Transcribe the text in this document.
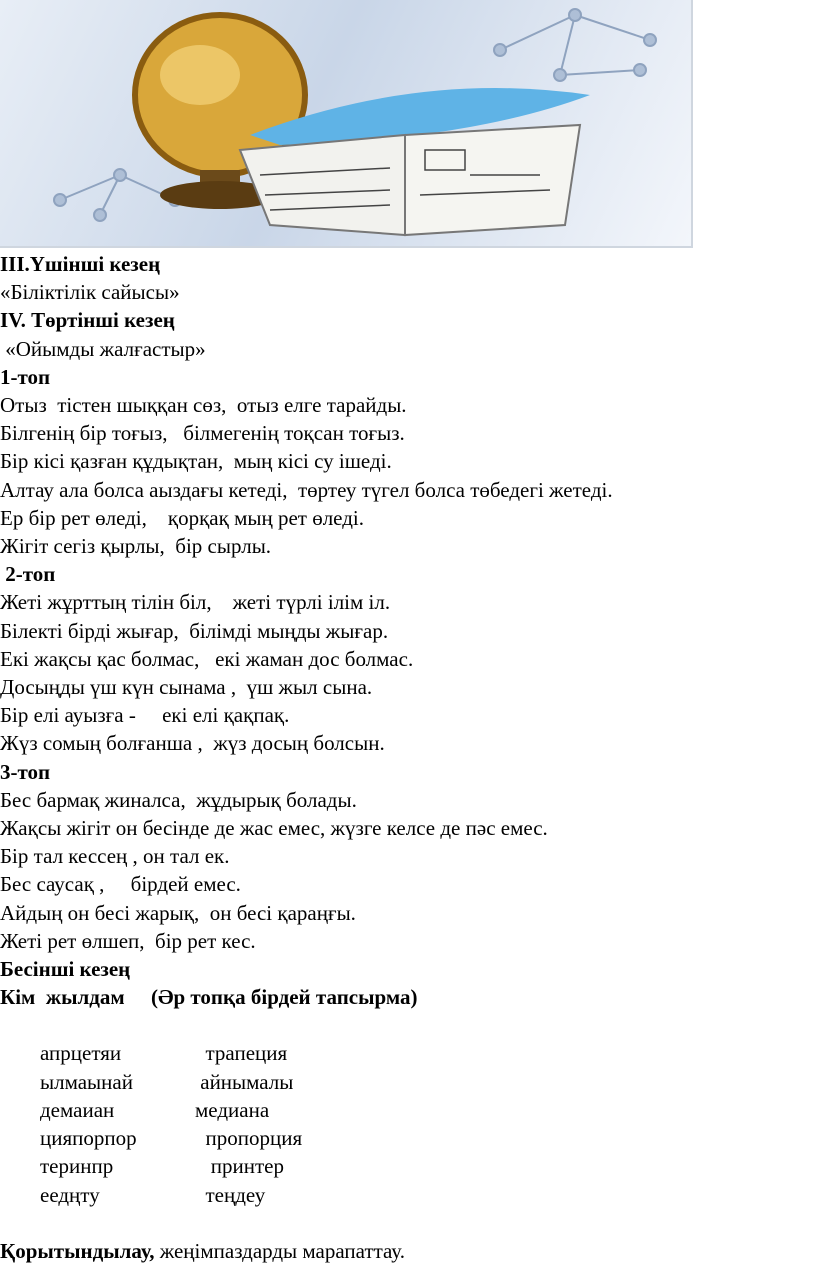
III.Үшінші кезең

«Біліктілік сайысы»

IV. Төртінші кезең

«Ойымды жалғастыр»

1-топ

Отыз  тістен шыққан сөз,  отыз елге тарайды.

Білгенің бір тоғыз,   білмегенің тоқсан тоғыз.

Бір кісі қазған құдықтан,  мың кісі су ішеді.

Алтау ала болса аыздағы кетеді,  төртеу түгел болса төбедегі жетеді.

Ер бір рет өледі,    қорқақ мың рет өледі.

Жігіт сегіз қырлы,  бір сырлы.

2-топ

Жеті жұрттың тілін біл,    жеті түрлі ілім іл.

Білекті бірді жығар,  білімді мыңды жығар.

Екі жақсы қас болмас,   екі жаман дос болмас.

Досыңды үш күн сынама ,  үш жыл сына.

Бір елі ауызға -     екі елі қақпақ.

Жүз сомың болғанша ,  жүз досың болсын.

3-топ

Бес бармақ жиналса,  жұдырық болады.

Жақсы жігіт он бесінде де жас емес, жүзге келсе де пәс емес.

Бір тал кессең , он тал ек.

Бес саусақ ,     бірдей емес.

Айдың он бесі жарық,  он бесі қараңғы.

Жеті рет өлшеп,  бір рет кес.

Бесінші кезең

Кім  жылдам     (Әр топқа бірдей тапсырма)

апрцетяи	трапеция
ылмаынай	айнымалы
демаиан	медиана
цияпорпор	пропорция
теринпр	принтер
еедңту	теңдеу

Қорытындылау, жеңімпаздарды марапаттау.
